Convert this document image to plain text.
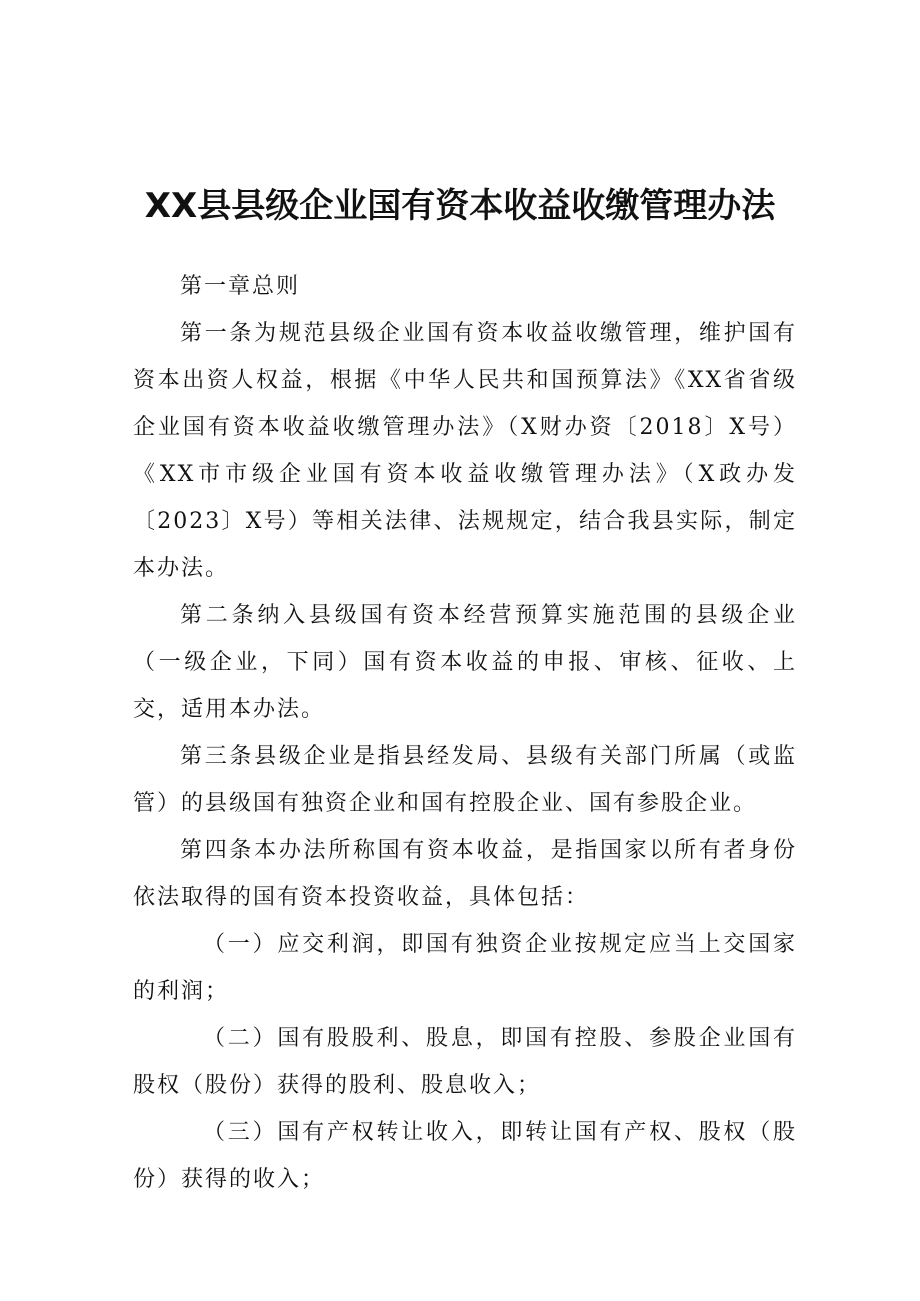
XX县县级企业国有资本收益收缴管理办法

第一章总则

第一条为规范县级企业国有资本收益收缴管理，维护国有资本出资人权益，根据《中华人民共和国预算法》《XX省省级企业国有资本收益收缴管理办法》（X财办资〔2018〕X号）《XX市市级企业国有资本收益收缴管理办法》（X政办发〔2023〕X号）等相关法律、法规规定，结合我县实际，制定本办法。

第二条纳入县级国有资本经营预算实施范围的县级企业（一级企业，下同）国有资本收益的申报、审核、征收、上交，适用本办法。

第三条县级企业是指县经发局、县级有关部门所属（或监管）的县级国有独资企业和国有控股企业、国有参股企业。

第四条本办法所称国有资本收益，是指国家以所有者身份依法取得的国有资本投资收益，具体包括：

（一）应交利润，即国有独资企业按规定应当上交国家的利润；

（二）国有股股利、股息，即国有控股、参股企业国有股权（股份）获得的股利、股息收入；

（三）国有产权转让收入，即转让国有产权、股权（股份）获得的收入；
